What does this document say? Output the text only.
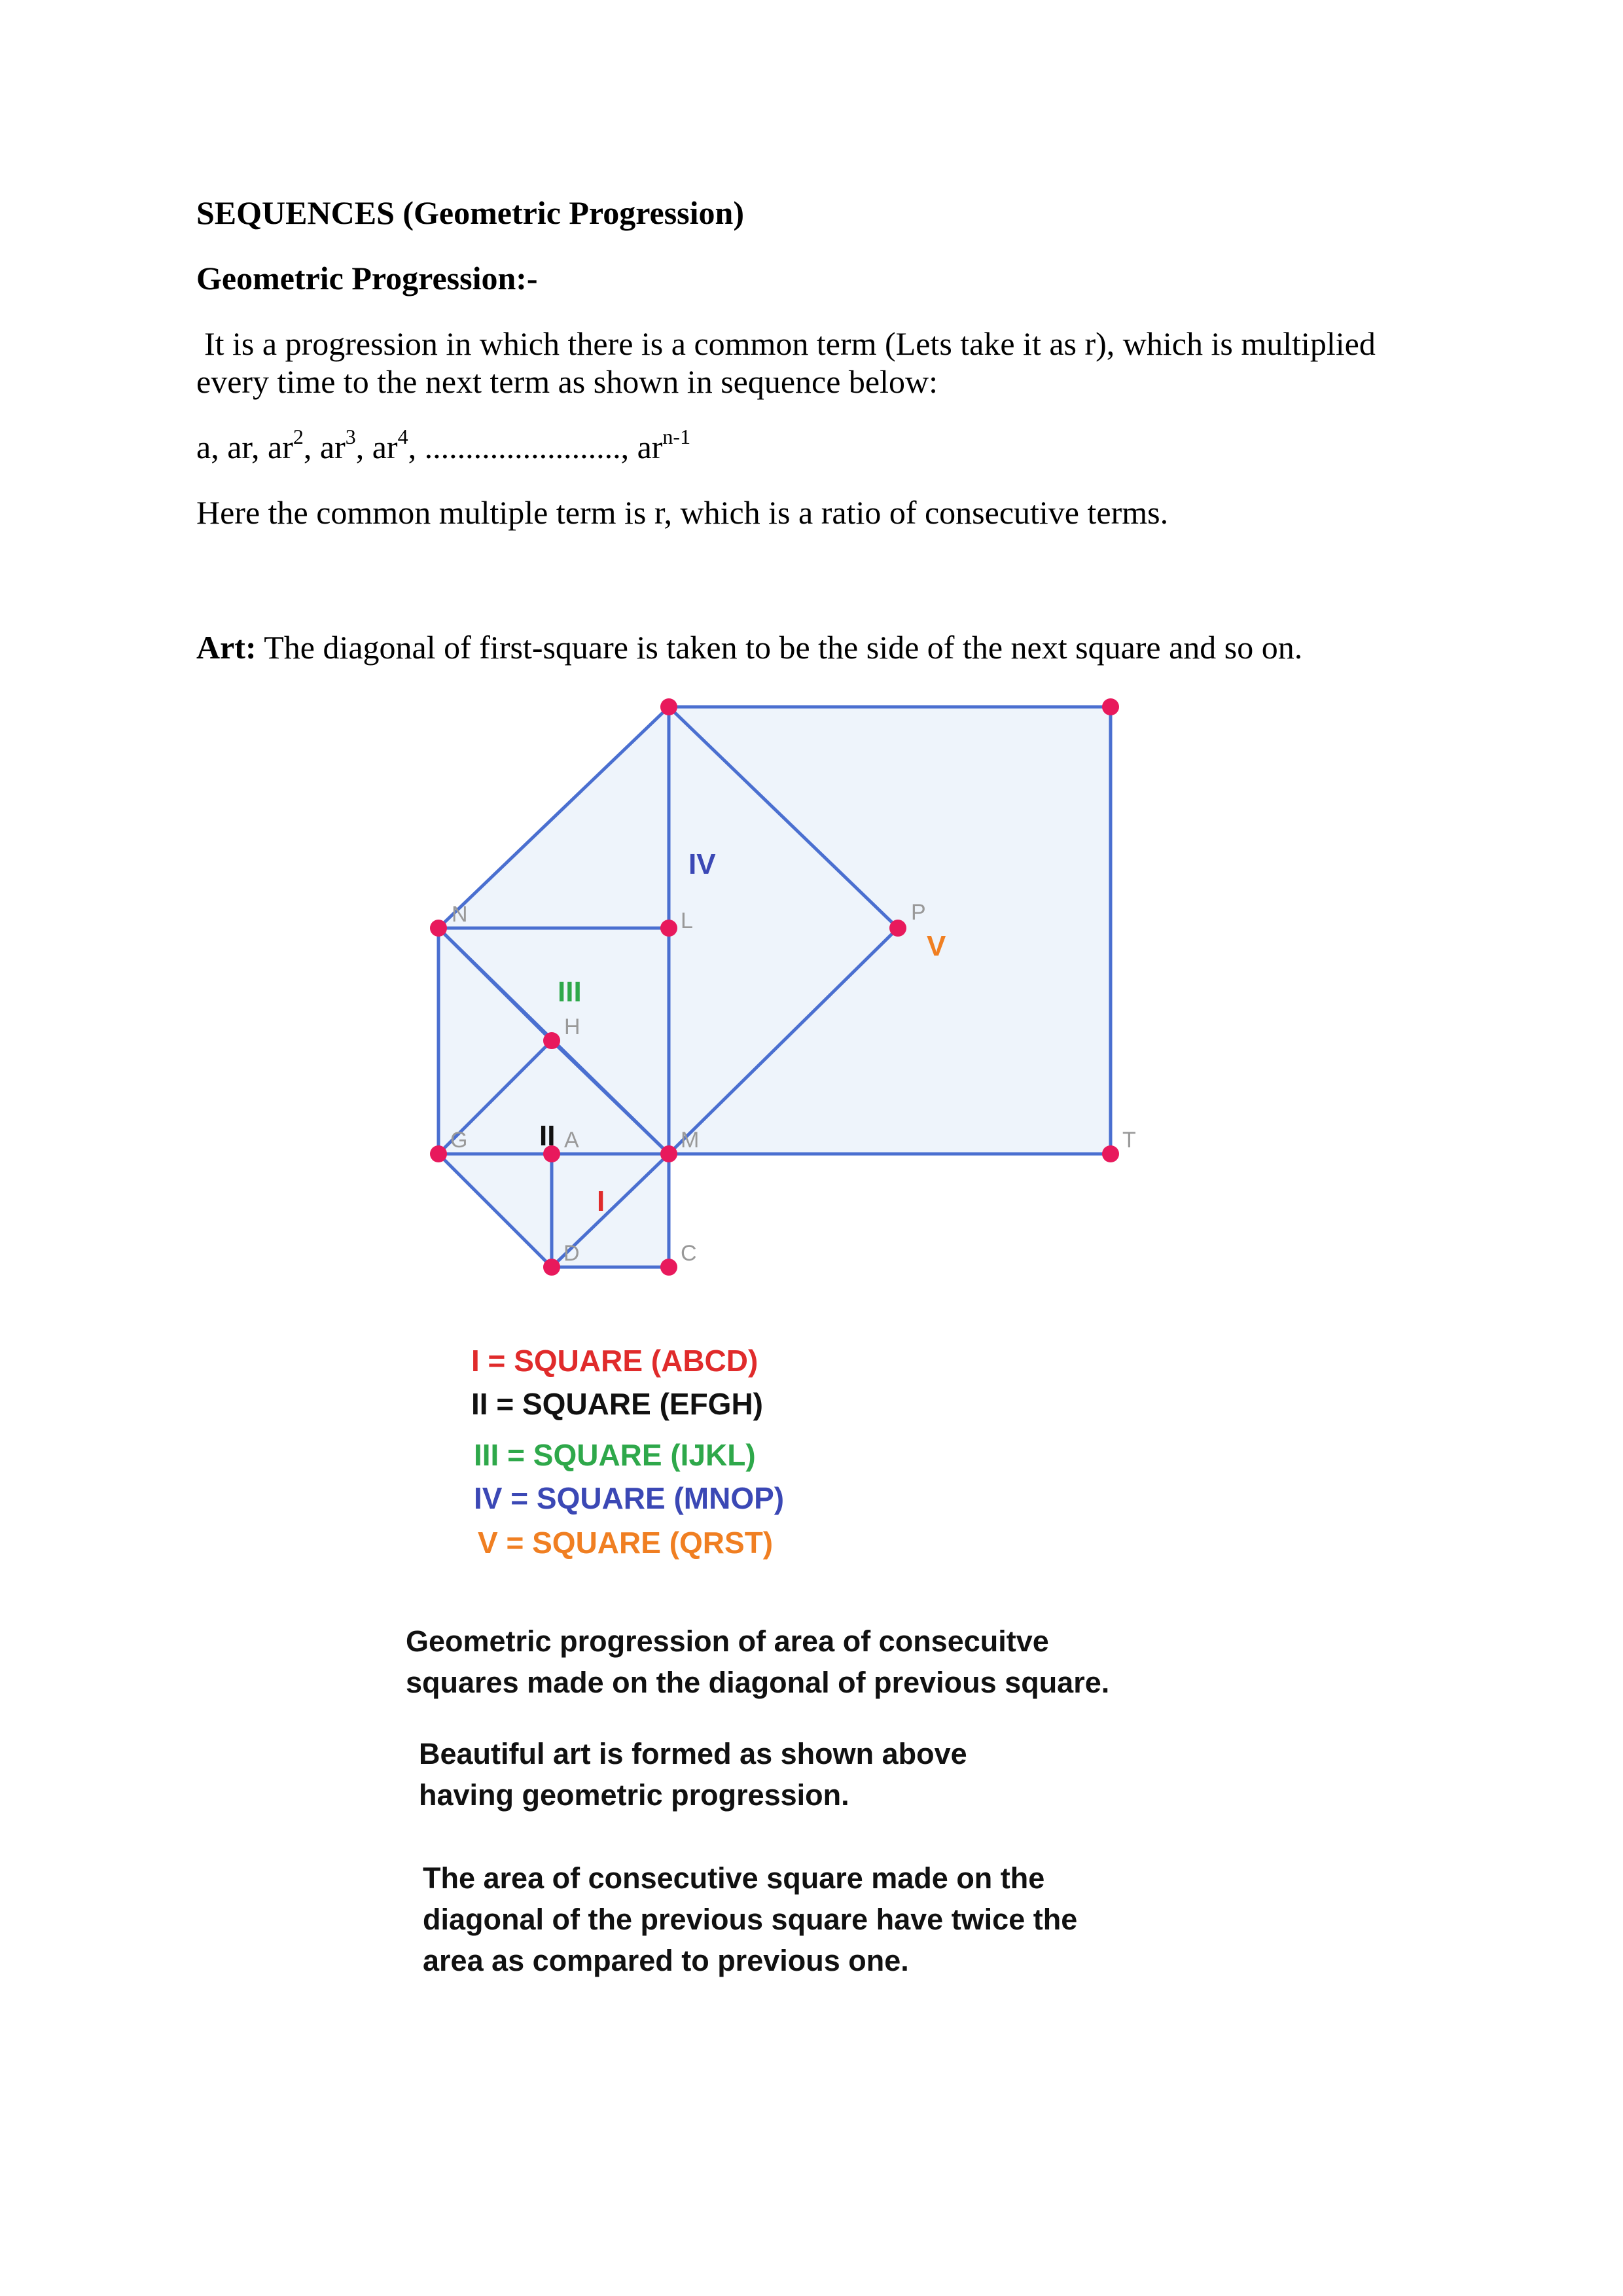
SEQUENCES (Geometric Progression)
Geometric Progression:-
It is a progression in which there is a common term (Lets take it as r), which is multiplied
every time to the next term as shown in sequence below:
a, ar, $ar^2$, $ar^3$, $ar^4$, ........................, $ar^{n-1}$
Here the common multiple term is r, which is a ratio of consecutive terms.
Art: The diagonal of first-square is taken to be the side of the next square and so on.
N	L	P
H
G	A	M	T
D	C
IV
V
III
II
I
I = SQUARE (ABCD)
II = SQUARE (EFGH)
III = SQUARE (IJKL)
IV = SQUARE (MNOP)
V = SQUARE (QRST)
Geometric progression of area of consecuitve
squares made on the diagonal of previous square.
Beautiful art is formed as shown above
having geometric progression.
The area of consecutive square made on the
diagonal of the previous square have twice the
area as compared to previous one.
